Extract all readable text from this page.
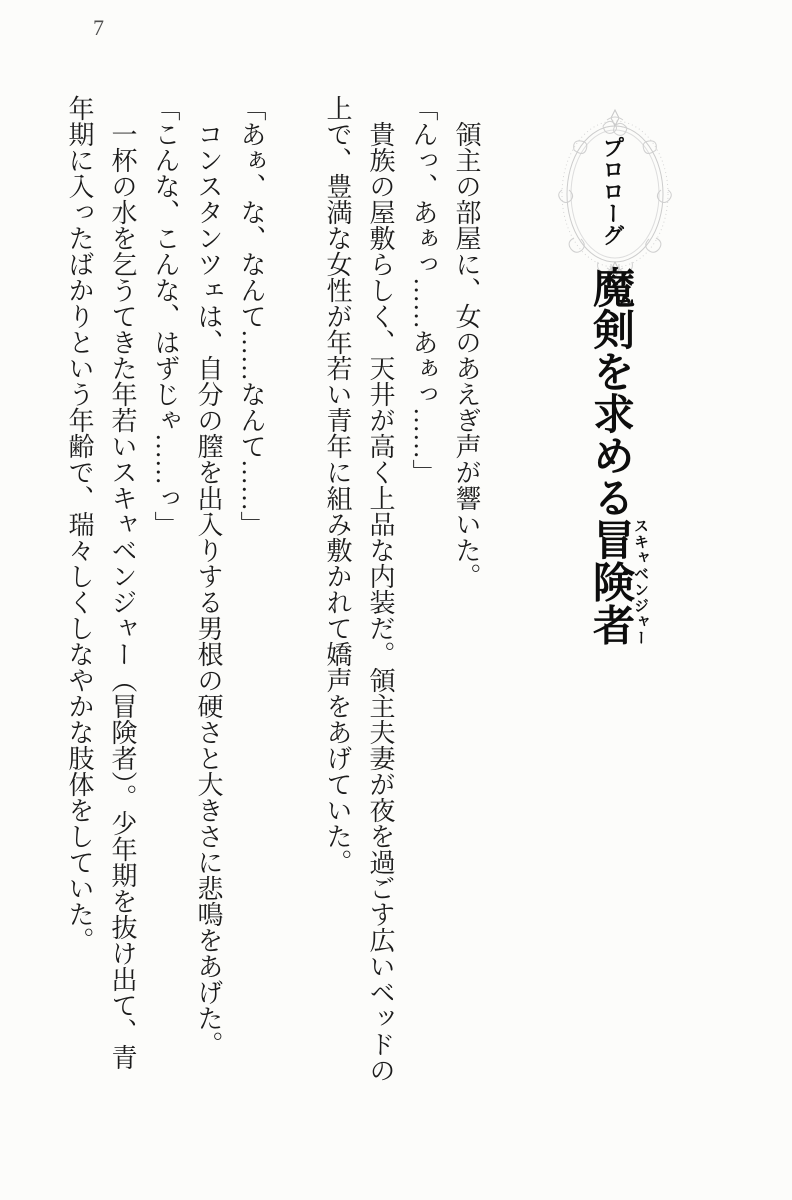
7
プロローグ
魔剣を求める冒険者スキャベンジャー
領主の部屋に、女のあえぎ声が響いた。
「んっ、あぁっ……あぁっ……」
貴族の屋敷らしく、天井が高く上品な内装だ。領主夫妻が夜を過ごす広いベッドの
上で、豊満な女性が年若い青年に組み敷かれて嬌声をあげていた。
「あぁ、な、なんて……なんて……」
コンスタンツェは、自分の膣を出入りする男根の硬さと大きさに悲鳴をあげた。
「こんな、こんな、はずじゃ……っ」
一杯の水を乞うてきた年若いスキャベンジャー（冒険者）。少年期を抜け出て、青
年期に入ったばかりという年齢で、瑞々しくしなやかな肢体をしていた。
